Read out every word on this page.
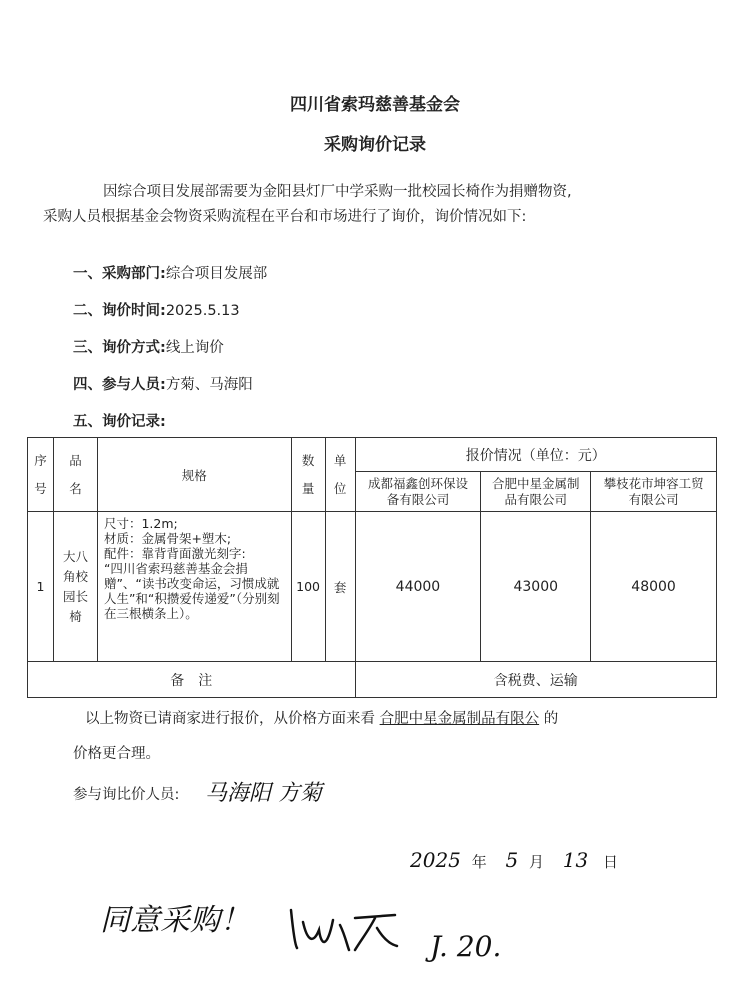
四川省索玛慈善基金会
采购询价记录
因综合项目发展部需要为金阳县灯厂中学采购一批校园长椅作为捐赠物资,
采购人员根据基金会物资采购流程在平台和市场进行了询价，询价情况如下:
一、采购部门:综合项目发展部
二、询价时间:2025.5.13
三、询价方式:线上询价
四、参与人员:方菊、马海阳
五、询价记录:
序号	品名	规格	数量	单位	报价情况（单位：元）		
					成都福鑫创环保设备有限公司	合肥中星金属制品有限公司	攀枝花市坤容工贸有限公司
1	大八角校园长椅	尺寸：1.2m;
材质：金属骨架+塑木;
配件：靠背背面激光刻字:
“四川省索玛慈善基金会捐赠”、“读书改变命运，习惯成就人生”和“积攒爱传递爱”（分别刻在三根横条上）。	100	套	44000	43000	48000
备　注					含税费、运输		
以上物资已请商家进行报价，从价格方面来看 合肥中星金属制品有限公 的
价格更合理。
参与询比价人员: 马海阳 方菊
2025 年 5 月 13 日
同意采购！
J. 20.
